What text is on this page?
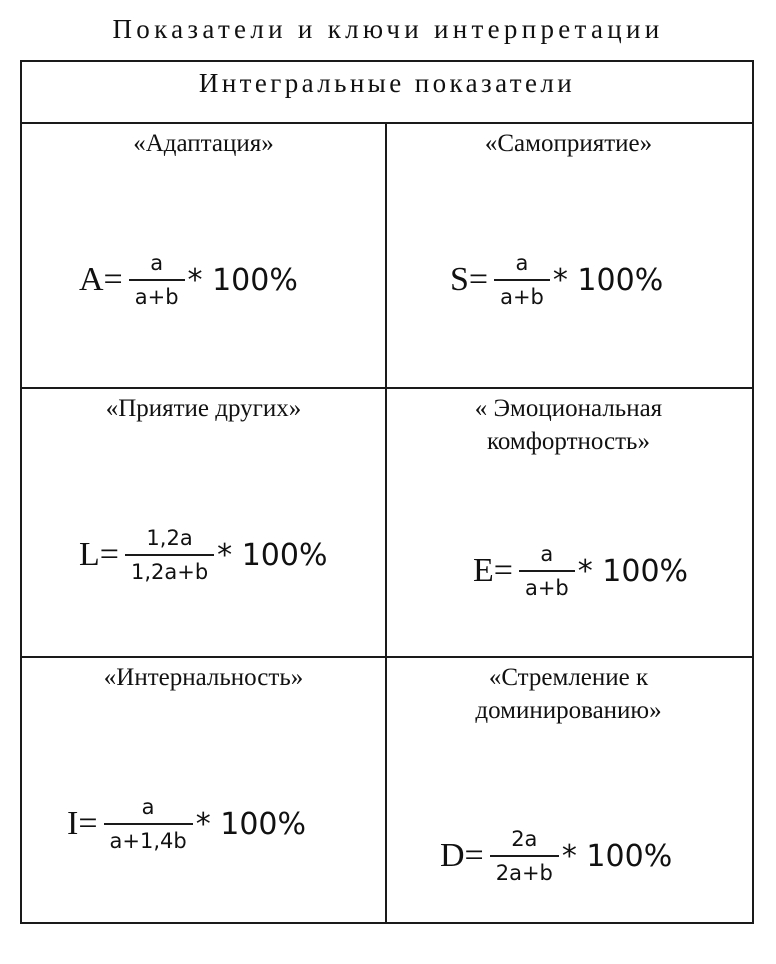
Показатели и ключи интерпретации
Интегральные показатели
«Адаптация»
$A= \frac{a}{a+b} * 100\%$
«Самоприятие»
$S= \frac{a}{a+b} * 100\%$
«Приятие других»
$L= \frac{1,2a}{1,2a+b} * 100\%$
« Эмоциональная
комфортность»
$E= \frac{a}{a+b} * 100\%$
«Интернальность»
$I= \frac{a}{a+1,4b} * 100\%$
«Стремление к
доминированию»
$D= \frac{2a}{2a+b} * 100\%$
